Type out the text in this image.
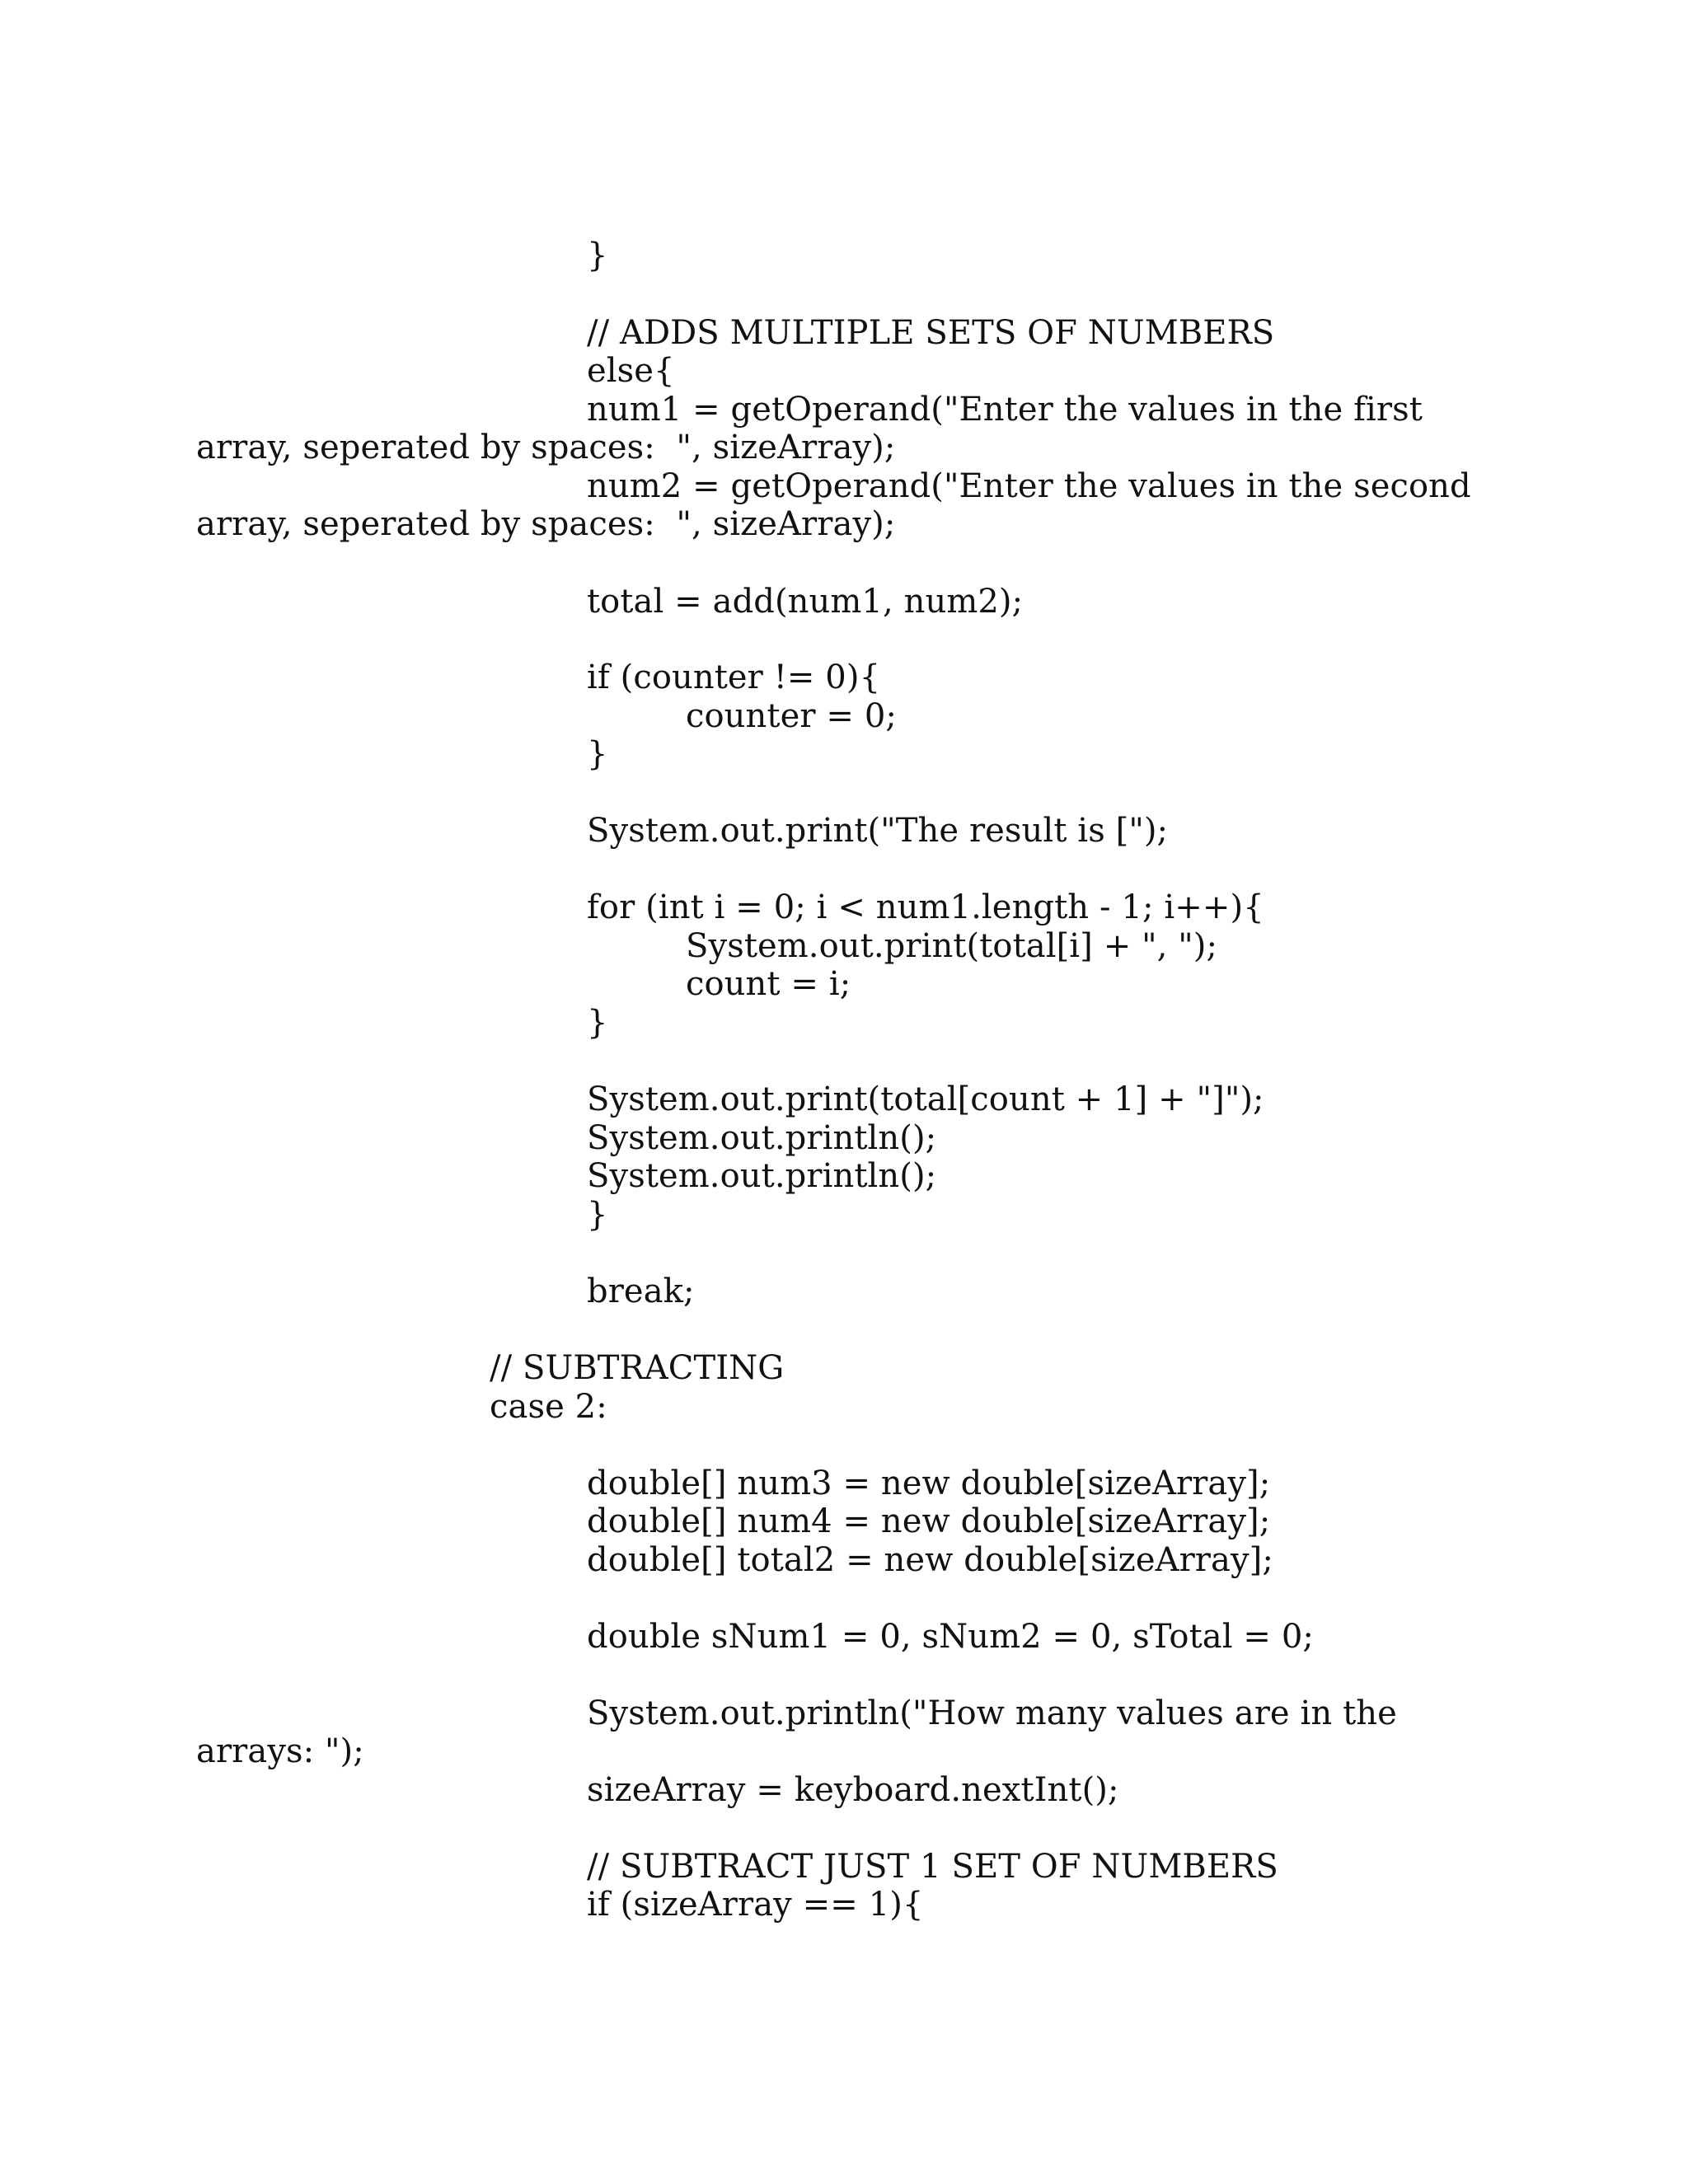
}
// ADDS MULTIPLE SETS OF NUMBERS
else{
num1 = getOperand("Enter the values in the first
array, seperated by spaces:  ", sizeArray);
num2 = getOperand("Enter the values in the second
array, seperated by spaces:  ", sizeArray);
total = add(num1, num2);
if (counter != 0){
counter = 0;
}
System.out.print("The result is [");
for (int i = 0; i < num1.length - 1; i++){
System.out.print(total[i] + ", ");
count = i;
}
System.out.print(total[count + 1] + "]");
System.out.println();
System.out.println();
}
break;
// SUBTRACTING
case 2:
double[] num3 = new double[sizeArray];
double[] num4 = new double[sizeArray];
double[] total2 = new double[sizeArray];
double sNum1 = 0, sNum2 = 0, sTotal = 0;
System.out.println("How many values are in the
arrays: ");
sizeArray = keyboard.nextInt();
// SUBTRACT JUST 1 SET OF NUMBERS
if (sizeArray == 1){
